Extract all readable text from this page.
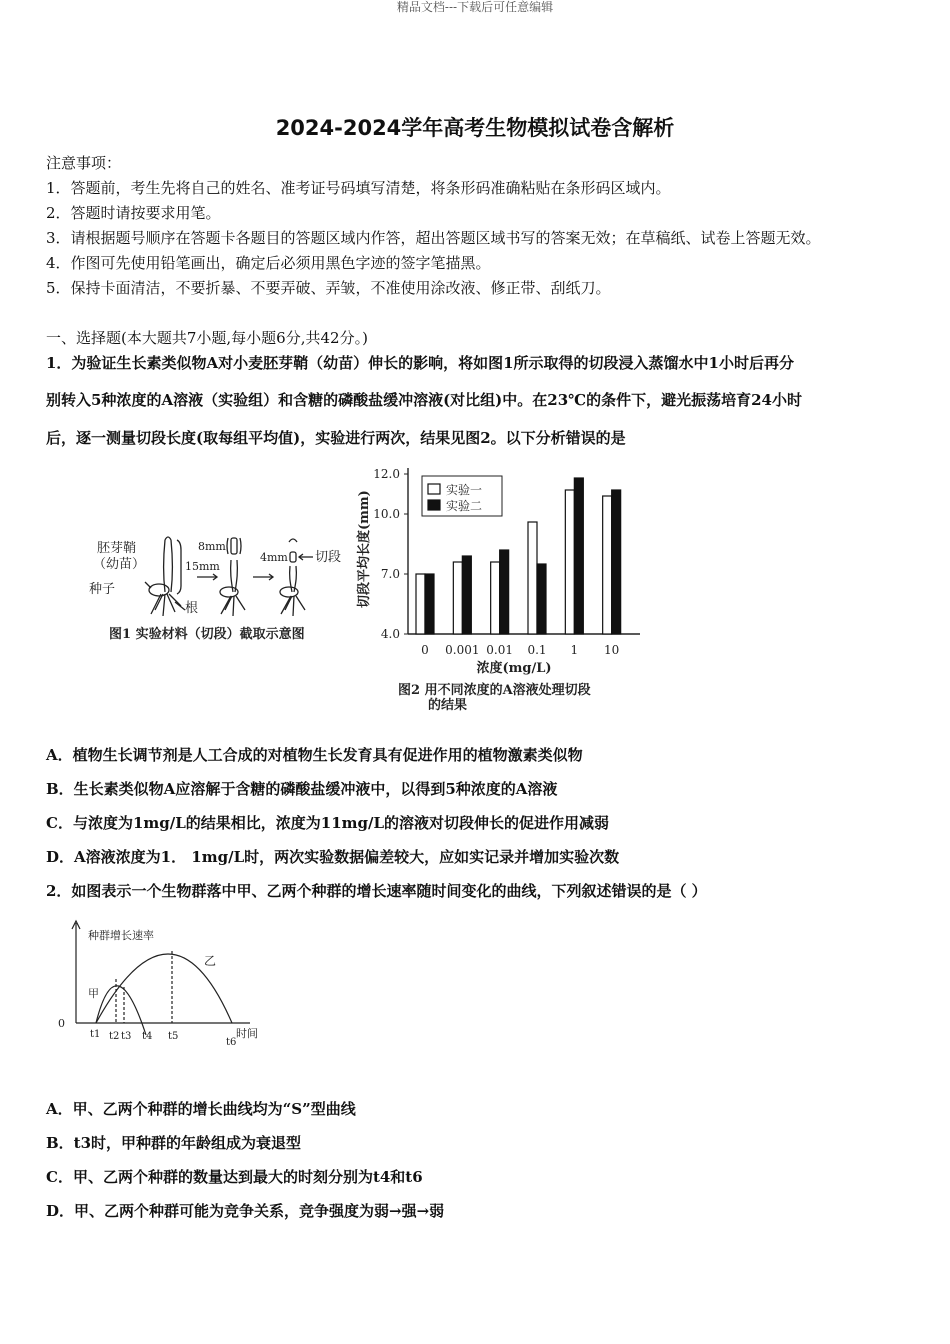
精品文档---下载后可任意编辑
2024-2024学年高考生物模拟试卷含解析
注意事项：
1．答题前，考生先将自己的姓名、准考证号码填写清楚，将条形码准确粘贴在条形码区域内。
2．答题时请按要求用笔。
3．请根据题号顺序在答题卡各题目的答题区域内作答，超出答题区域书写的答案无效；在草稿纸、试卷上答题无效。
4．作图可先使用铅笔画出，确定后必须用黑色字迹的签字笔描黑。
5．保持卡面清洁，不要折暴、不要弄破、弄皱，不准使用涂改液、修正带、刮纸刀。
一、选择题(本大题共7小题,每小题6分,共42分。)
1．为验证生长素类似物A对小麦胚芽鞘（幼苗）伸长的影响，将如图1所示取得的切段浸入蒸馏水中1小时后再分
别转入5种浓度的A溶液（实验组）和含糖的磷酸盐缓冲溶液(对比组)中。在23℃的条件下，避光振荡培育24小时
后，逐一测量切段长度(取每组平均值)，实验进行两次，结果见图2。以下分析错误的是
胚芽鞘
（幼苗）
种子
根
15mm
8mm
4mm 切段
图1 实验材料（切段）截取示意图	4.0
7.0
10.0
12.0
切段平均长度(mm)
0 0.001 0.01 0.1 1 10
浓度(mg/L)
实验一
实验二
图2 用不同浓度的A溶液处理切段
的结果
A．植物生长调节剂是人工合成的对植物生长发育具有促进作用的植物激素类似物
B．生长素类似物A应溶解于含糖的磷酸盐缓冲液中，以得到5种浓度的A溶液
C．与浓度为1mg/L的结果相比，浓度为11mg/L的溶液对切段伸长的促进作用减弱
D．A溶液浓度为1． 1mg/L时，两次实验数据偏差较大，应如实记录并增加实验次数
2．如图表示一个生物群落中甲、乙两个种群的增长速率随时间变化的曲线，下列叙述错误的是（ ）
种群增长速率
乙
甲
0
t1 t2 t3 t4 t5
t6
时间
A．甲、乙两个种群的增长曲线均为“S”型曲线
B．t3时，甲种群的年龄组成为衰退型
C．甲、乙两个种群的数量达到最大的时刻分别为t4和t6
D．甲、乙两个种群可能为竞争关系，竞争强度为弱→强→弱
